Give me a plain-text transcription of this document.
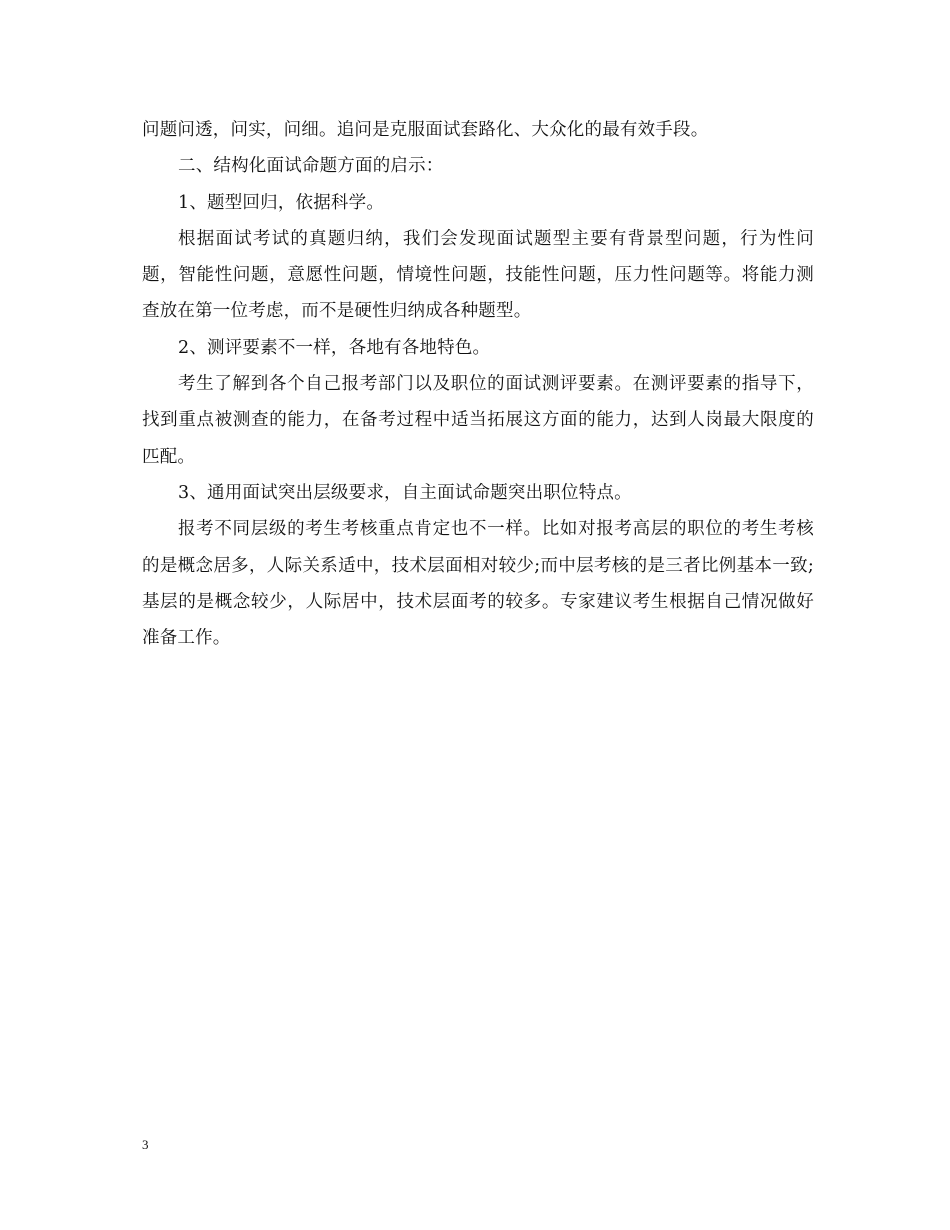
问题问透，问实，问细。追问是克服面试套路化、大众化的最有效手段。

二、结构化面试命题方面的启示：

1、题型回归，依据科学。

根据面试考试的真题归纳，我们会发现面试题型主要有背景型问题，行为性问题，智能性问题，意愿性问题，情境性问题，技能性问题，压力性问题等。将能力测查放在第一位考虑，而不是硬性归纳成各种题型。

2、测评要素不一样，各地有各地特色。

考生了解到各个自己报考部门以及职位的面试测评要素。在测评要素的指导下，找到重点被测查的能力，在备考过程中适当拓展这方面的能力，达到人岗最大限度的匹配。

3、通用面试突出层级要求，自主面试命题突出职位特点。

报考不同层级的考生考核重点肯定也不一样。比如对报考高层的职位的考生考核的是概念居多，人际关系适中，技术层面相对较少;而中层考核的是三者比例基本一致;基层的是概念较少，人际居中，技术层面考的较多。专家建议考生根据自己情况做好准备工作。

3
